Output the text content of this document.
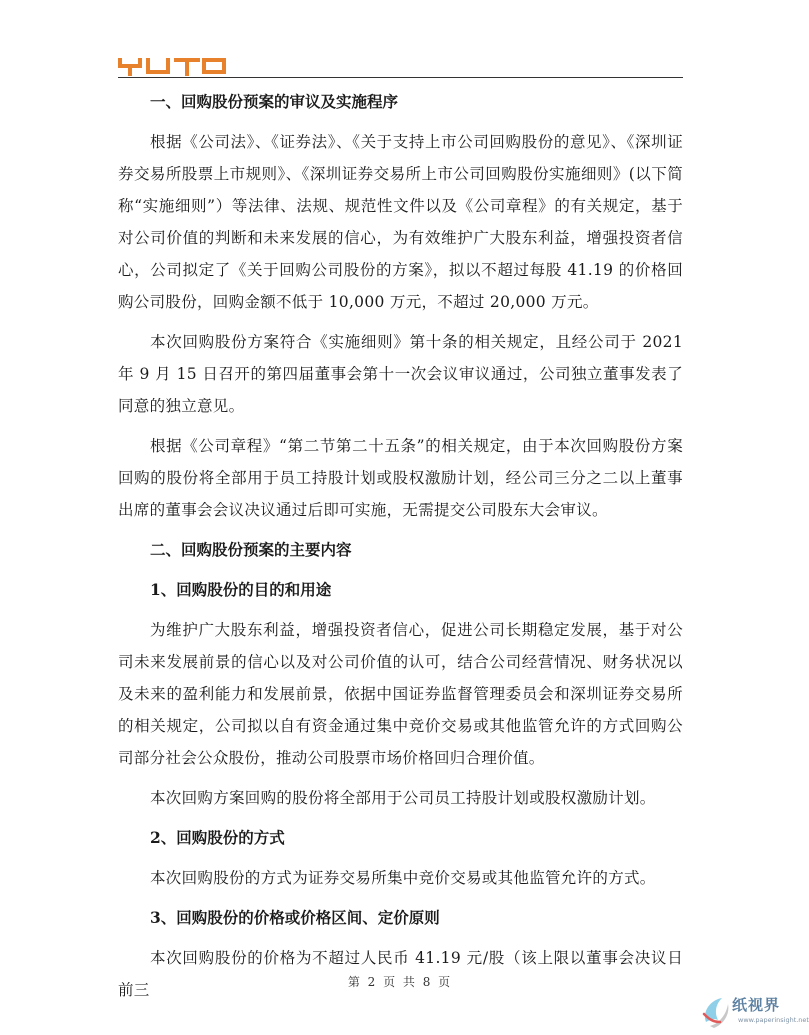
一、回购股份预案的审议及实施程序

根据《公司法》、《证券法》、《关于支持上市公司回购股份的意见》、《深圳证券交易所股票上市规则》、《深圳证券交易所上市公司回购股份实施细则》(以下简称“实施细则”）等法律、法规、规范性文件以及《公司章程》的有关规定，基于对公司价值的判断和未来发展的信心，为有效维护广大股东利益，增强投资者信心，公司拟定了《关于回购公司股份的方案》，拟以不超过每股 41.19 的价格回购公司股份，回购金额不低于 10,000 万元，不超过 20,000 万元。

本次回购股份方案符合《实施细则》第十条的相关规定，且经公司于 2021 年 9 月 15 日召开的第四届董事会第十一次会议审议通过，公司独立董事发表了同意的独立意见。

根据《公司章程》“第二节第二十五条”的相关规定，由于本次回购股份方案回购的股份将全部用于员工持股计划或股权激励计划，经公司三分之二以上董事出席的董事会会议决议通过后即可实施，无需提交公司股东大会审议。

二、回购股份预案的主要内容

1、回购股份的目的和用途

为维护广大股东利益，增强投资者信心，促进公司长期稳定发展，基于对公司未来发展前景的信心以及对公司价值的认可，结合公司经营情况、财务状况以及未来的盈利能力和发展前景，依据中国证券监督管理委员会和深圳证券交易所的相关规定，公司拟以自有资金通过集中竞价交易或其他监管允许的方式回购公司部分社会公众股份，推动公司股票市场价格回归合理价值。

本次回购方案回购的股份将全部用于公司员工持股计划或股权激励计划。

2、回购股份的方式

本次回购股份的方式为证券交易所集中竞价交易或其他监管允许的方式。

3、回购股份的价格或价格区间、定价原则

本次回购股份的价格为不超过人民币 41.19 元/股（该上限以董事会决议日前三	第 2 页 共 8 页
纸视界
www.paperinsight.net
